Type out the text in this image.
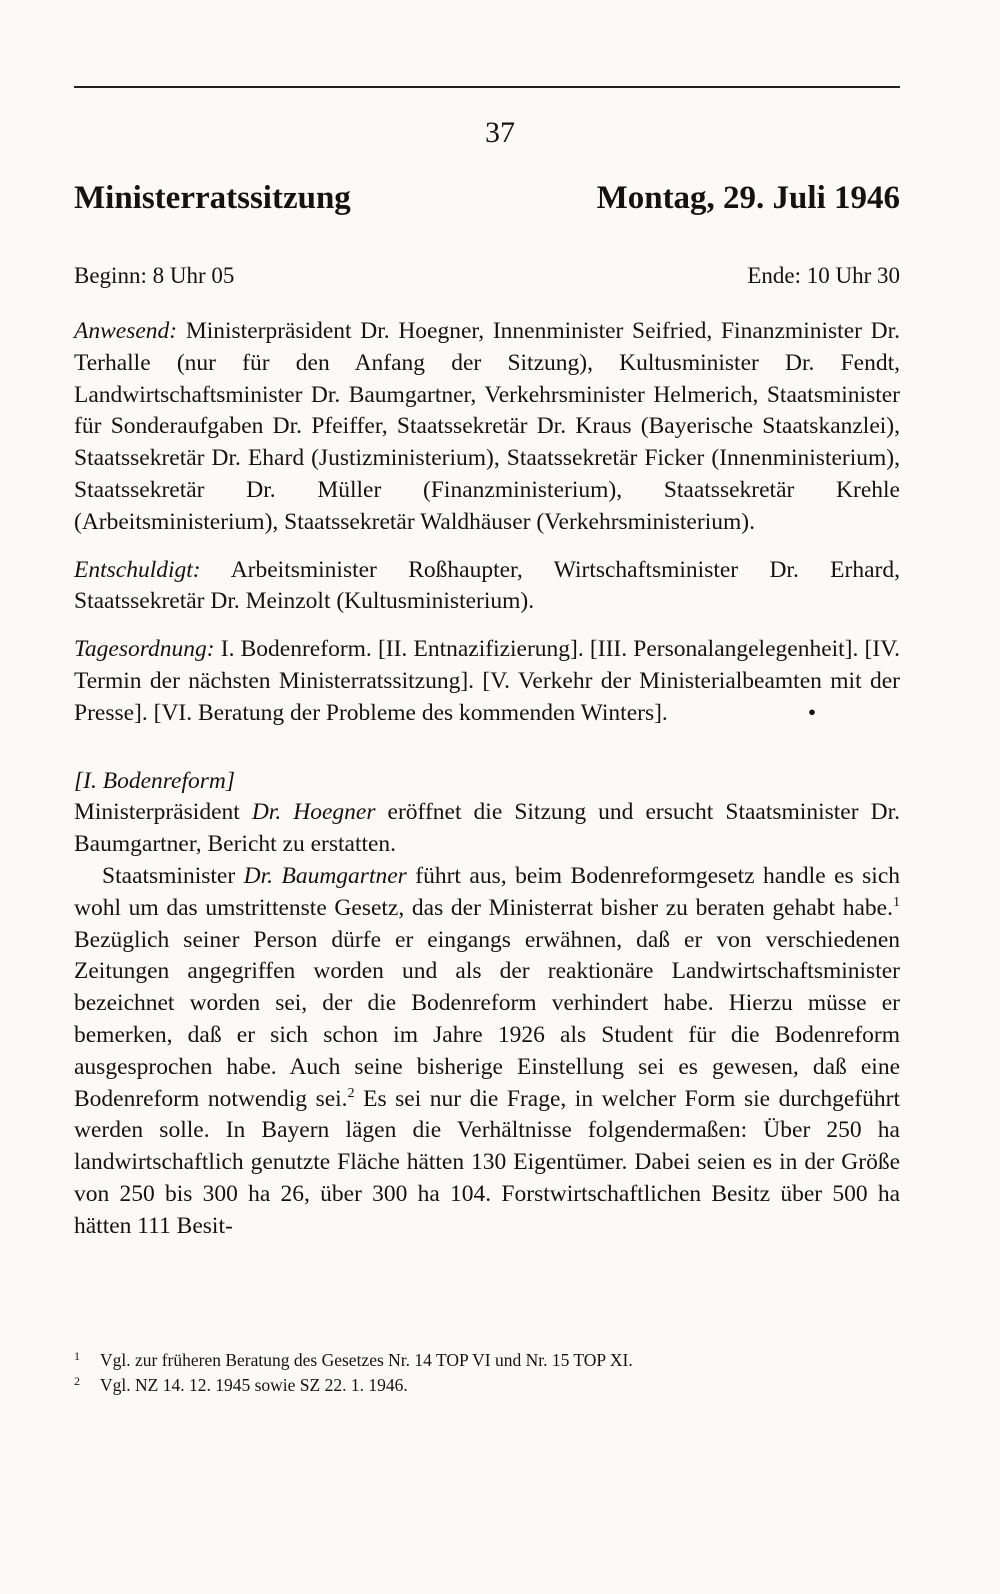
37
Ministerratssitzung	Montag, 29. Juli 1946
Beginn: 8 Uhr 05	Ende: 10 Uhr 30

Anwesend: Ministerpräsident Dr. Hoegner, Innenminister Seifried, Finanzminister Dr. Terhalle (nur für den Anfang der Sitzung), Kultusminister Dr. Fendt, Landwirtschaftsminister Dr. Baumgartner, Verkehrsminister Helmerich, Staatsminister für Sonderaufgaben Dr. Pfeiffer, Staatssekretär Dr. Kraus (Bayerische Staatskanzlei), Staatssekretär Dr. Ehard (Justizministerium), Staatssekretär Ficker (Innenministerium), Staatssekretär Dr. Müller (Finanzministerium), Staatssekretär Krehle (Arbeitsministerium), Staatssekretär Waldhäuser (Verkehrsministerium).

Entschuldigt: Arbeitsminister Roßhaupter, Wirtschaftsminister Dr. Erhard, Staatssekretär Dr. Meinzolt (Kultusministerium).

Tagesordnung: I. Bodenreform. [II. Entnazifizierung]. [III. Personalangelegenheit]. [IV. Termin der nächsten Ministerratssitzung]. [V. Verkehr der Ministerialbeamten mit der Presse]. [VI. Beratung der Probleme des kommenden Winters].	•

[I. Bodenreform]

Ministerpräsident Dr. Hoegner eröffnet die Sitzung und ersucht Staatsminister Dr. Baumgartner, Bericht zu erstatten.

Staatsminister Dr. Baumgartner führt aus, beim Bodenreformgesetz handle es sich wohl um das umstrittenste Gesetz, das der Ministerrat bisher zu beraten gehabt habe.$^1$ Bezüglich seiner Person dürfe er eingangs erwähnen, daß er von verschiedenen Zeitungen angegriffen worden und als der reaktionäre Landwirtschaftsminister bezeichnet worden sei, der die Bodenreform verhindert habe. Hierzu müsse er bemerken, daß er sich schon im Jahre 1926 als Student für die Bodenreform ausgesprochen habe. Auch seine bisherige Einstellung sei es gewesen, daß eine Bodenreform notwendig sei.$^2$ Es sei nur die Frage, in welcher Form sie durchgeführt werden solle. In Bayern lägen die Verhältnisse folgendermaßen: Über 250 ha landwirtschaftlich genutzte Fläche hätten 130 Eigentümer. Dabei seien es in der Größe von 250 bis 300 ha 26, über 300 ha 104. Forstwirtschaftlichen Besitz über 500 ha hätten 111 Besit-

1	Vgl. zur früheren Beratung des Gesetzes Nr. 14 TOP VI und Nr. 15 TOP XI.
2	Vgl. NZ 14. 12. 1945 sowie SZ 22. 1. 1946.
